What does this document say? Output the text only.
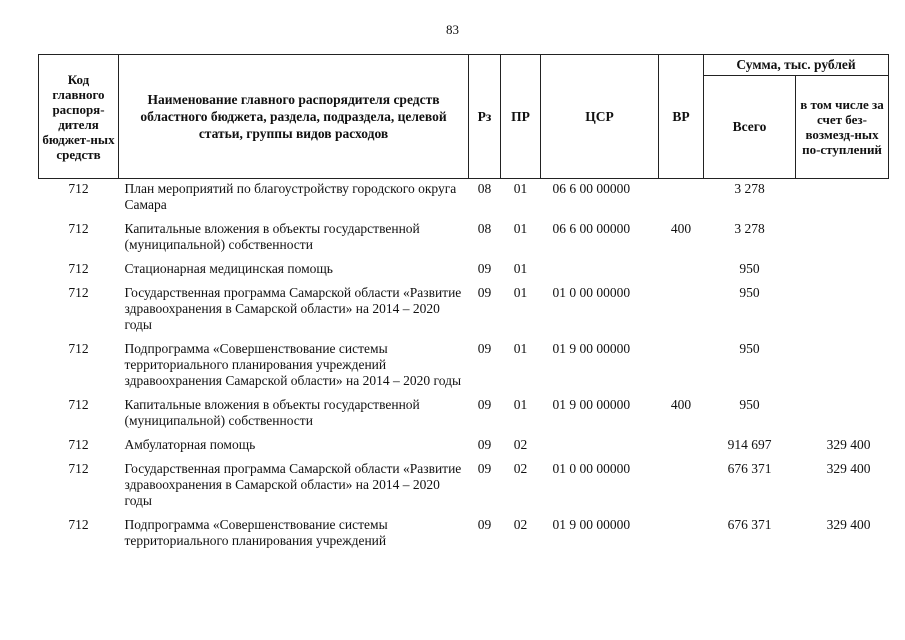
83
Код главного распоря-дителя бюджет-ных средств	Наименование главного распорядителя средств областного бюджета, раздела, подраздела, целевой статьи, группы видов расходов	Рз	ПР	ЦСР	ВР	Сумма, тыс. рублей	
						Всего	в том числе за счет без-возмезд-ных по-ступлений
712	План мероприятий по благоустройству городского округа Самара	08	01	06 6 00 00000		3 278	
712	Капитальные вложения в объекты государственной (муниципальной) собственности	08	01	06 6 00 00000	400	3 278	
712	Стационарная медицинская помощь	09	01			950	
712	Государственная программа Самарской области «Развитие здравоохранения в Самарской области» на 2014 – 2020 годы	09	01	01 0 00 00000		950	
712	Подпрограмма «Совершенствование системы территориального планирования учреждений здравоохранения Самарской области» на 2014 – 2020 годы	09	01	01 9 00 00000		950	
712	Капитальные вложения в объекты государственной (муниципальной) собственности	09	01	01 9 00 00000	400	950	
712	Амбулаторная помощь	09	02			914 697	329 400
712	Государственная программа Самарской области «Развитие здравоохранения в Самарской области» на 2014 – 2020 годы	09	02	01 0 00 00000		676 371	329 400
712	Подпрограмма «Совершенствование системы территориального планирования учреждений	09	02	01 9 00 00000		676 371	329 400
